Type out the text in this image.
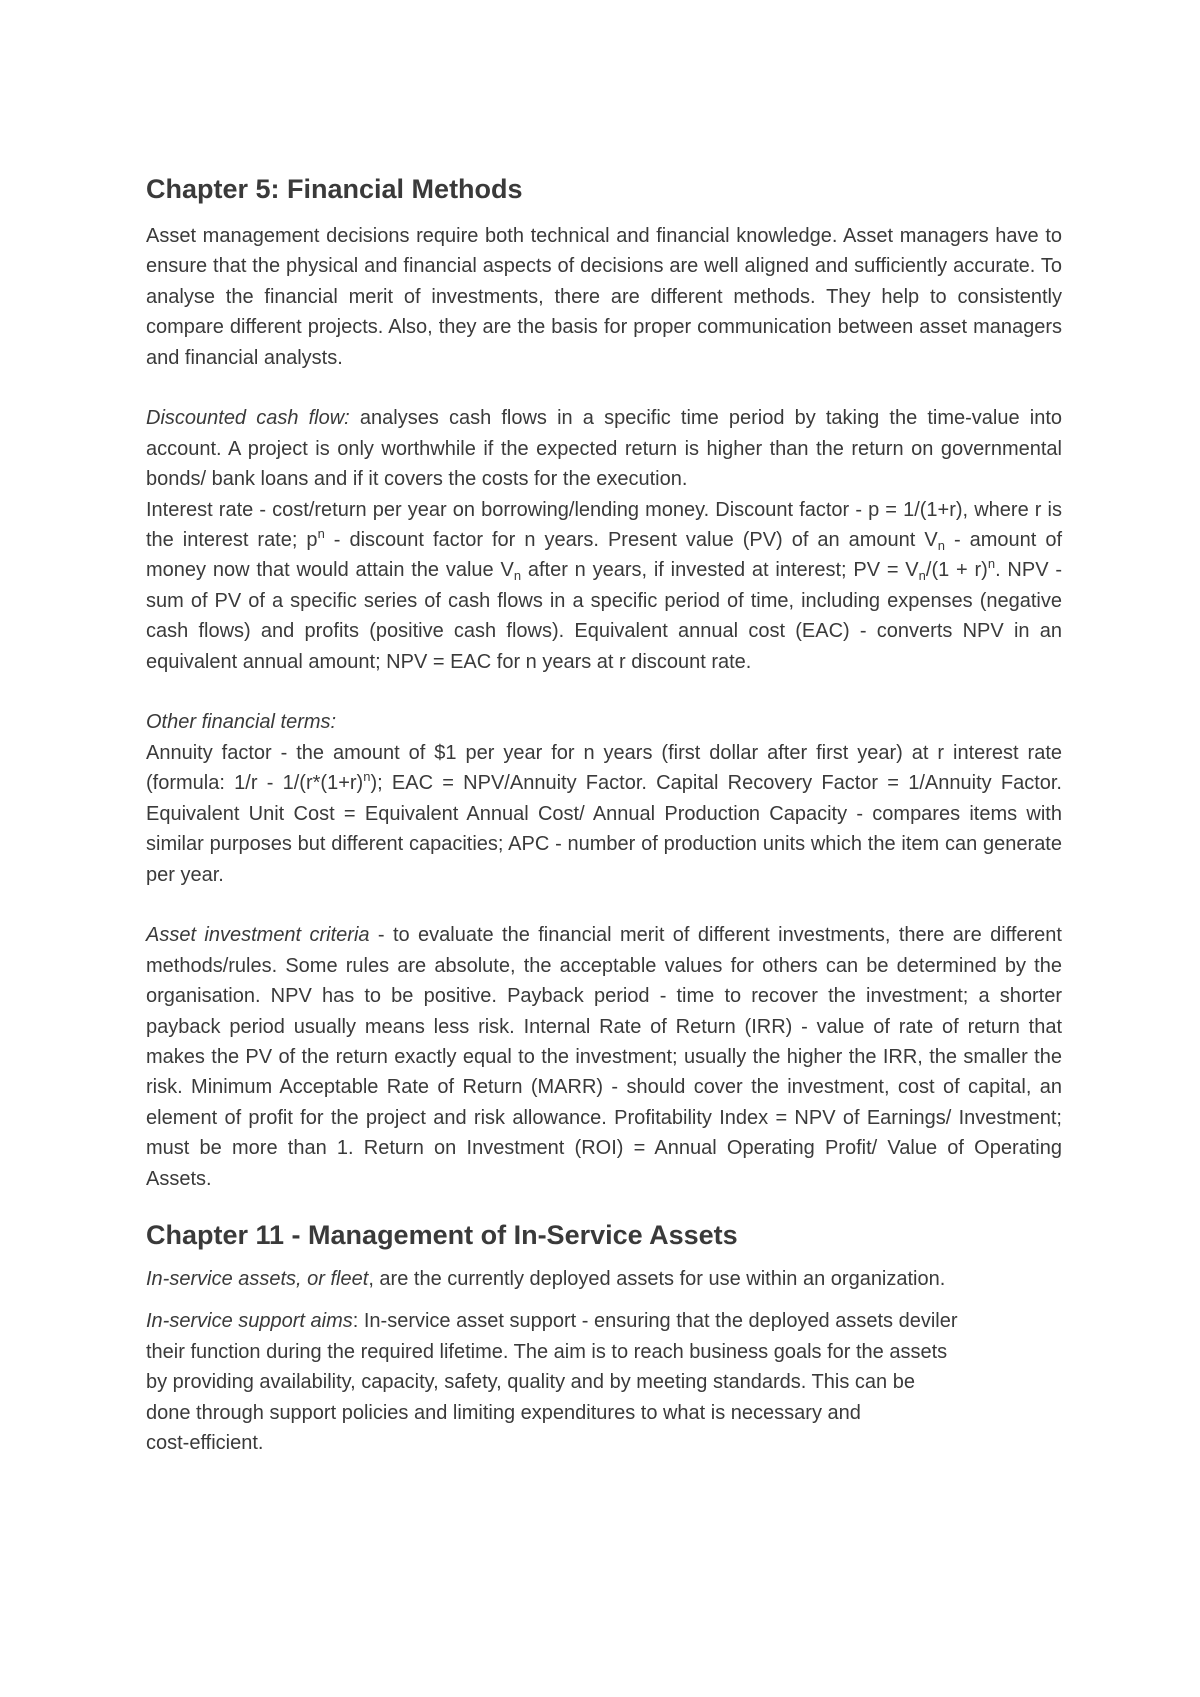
Chapter 5: Financial Methods

Asset management decisions require both technical and financial knowledge. Asset managers have to ensure that the physical and financial aspects of decisions are well aligned and sufficiently accurate. To analyse the financial merit of investments, there are different methods. They help to consistently compare different projects. Also, they are the basis for proper communication between asset managers and financial analysts.

Discounted cash flow: analyses cash flows in a specific time period by taking the time-value into account. A project is only worthwhile if the expected return is higher than the return on governmental bonds/ bank loans and if it covers the costs for the execution.

Interest rate - cost/return per year on borrowing/lending money. Discount factor - p = 1/(1+r), where r is the interest rate; $p^n$ - discount factor for n years. Present value (PV) of an amount $V_n$ - amount of money now that would attain the value $V_n$ after n years, if invested at interest; PV = $V_n/(1 + r)^n$. NPV - sum of PV of a specific series of cash flows in a specific period of time, including expenses (negative cash flows) and profits (positive cash flows). Equivalent annual cost (EAC) - converts NPV in an equivalent annual amount; NPV = EAC for n years at r discount rate.

Other financial terms:

Annuity factor - the amount of $1 per year for n years (first dollar after first year) at r interest rate (formula: $1/r - 1/(r*(1+r)^n)$; EAC = NPV/Annuity Factor. Capital Recovery Factor = 1/Annuity Factor. Equivalent Unit Cost = Equivalent Annual Cost/ Annual Production Capacity - compares items with similar purposes but different capacities; APC - number of production units which the item can generate per year.

Asset investment criteria - to evaluate the financial merit of different investments, there are different methods/rules. Some rules are absolute, the acceptable values for others can be determined by the organisation. NPV has to be positive. Payback period - time to recover the investment; a shorter payback period usually means less risk. Internal Rate of Return (IRR) - value of rate of return that makes the PV of the return exactly equal to the investment; usually the higher the IRR, the smaller the risk. Minimum Acceptable Rate of Return (MARR) - should cover the investment, cost of capital, an element of profit for the project and risk allowance. Profitability Index = NPV of Earnings/ Investment; must be more than 1. Return on Investment (ROI) = Annual Operating Profit/ Value of Operating Assets.

Chapter 11 - Management of In-Service Assets

In-service assets, or fleet, are the currently deployed assets for use within an organization.

In-service support aims: In-service asset support - ensuring that the deployed assets deviler
their function during the required lifetime. The aim is to reach business goals for the assets
by providing availability, capacity, safety, quality and by meeting standards. This can be
done through support policies and limiting expenditures to what is necessary and
cost-efficient.
